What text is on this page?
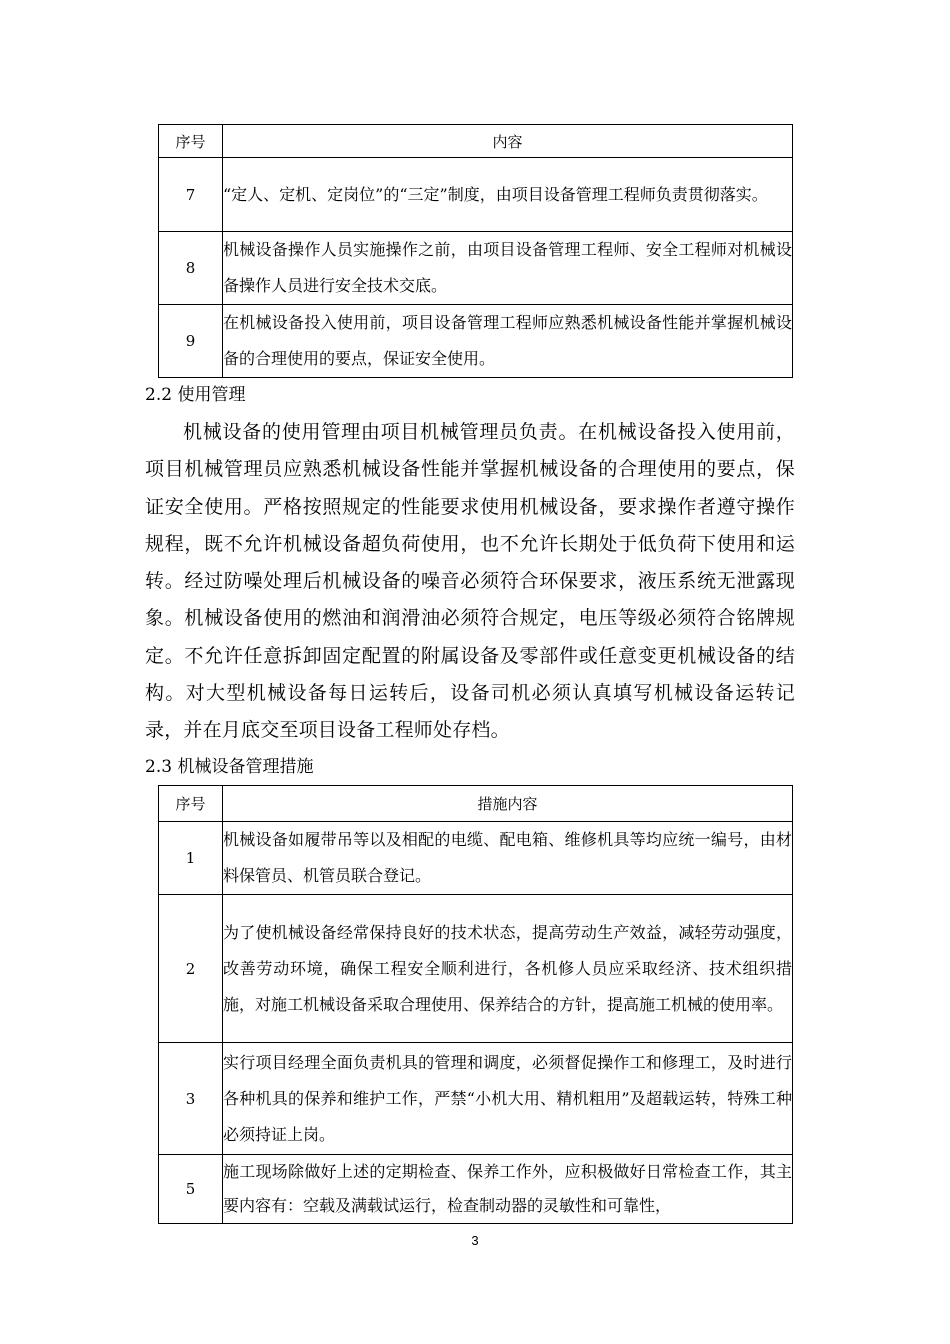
序号	内容
7	“定人、定机、定岗位”的“三定”制度，由项目设备管理工程师负责贯彻落实。
8	机械设备操作人员实施操作之前，由项目设备管理工程师、安全工程师对机械设备操作人员进行安全技术交底。
9	在机械设备投入使用前，项目设备管理工程师应熟悉机械设备性能并掌握机械设备的合理使用的要点，保证安全使用。
2.2 使用管理
机械设备的使用管理由项目机械管理员负责。在机械设备投入使用前，项目机械管理员应熟悉机械设备性能并掌握机械设备的合理使用的要点，保证安全使用。严格按照规定的性能要求使用机械设备，要求操作者遵守操作规程，既不允许机械设备超负荷使用，也不允许长期处于低负荷下使用和运转。经过防噪处理后机械设备的噪音必须符合环保要求，液压系统无泄露现象。机械设备使用的燃油和润滑油必须符合规定，电压等级必须符合铭牌规定。不允许任意拆卸固定配置的附属设备及零部件或任意变更机械设备的结构。对大型机械设备每日运转后，设备司机必须认真填写机械设备运转记录，并在月底交至项目设备工程师处存档。
2.3 机械设备管理措施
序号	措施内容
1	机械设备如履带吊等以及相配的电缆、配电箱、维修机具等均应统一编号，由材料保管员、机管员联合登记。
2	为了使机械设备经常保持良好的技术状态，提高劳动生产效益，减轻劳动强度，改善劳动环境，确保工程安全顺利进行，各机修人员应采取经济、技术组织措施，对施工机械设备采取合理使用、保养结合的方针，提高施工机械的使用率。
3	实行项目经理全面负责机具的管理和调度，必须督促操作工和修理工，及时进行各种机具的保养和维护工作，严禁“小机大用、精机粗用”及超载运转，特殊工种必须持证上岗。
5	施工现场除做好上述的定期检查、保养工作外，应积极做好日常检查工作，其主要内容有：空载及满载试运行，检查制动器的灵敏性和可靠性，
3
